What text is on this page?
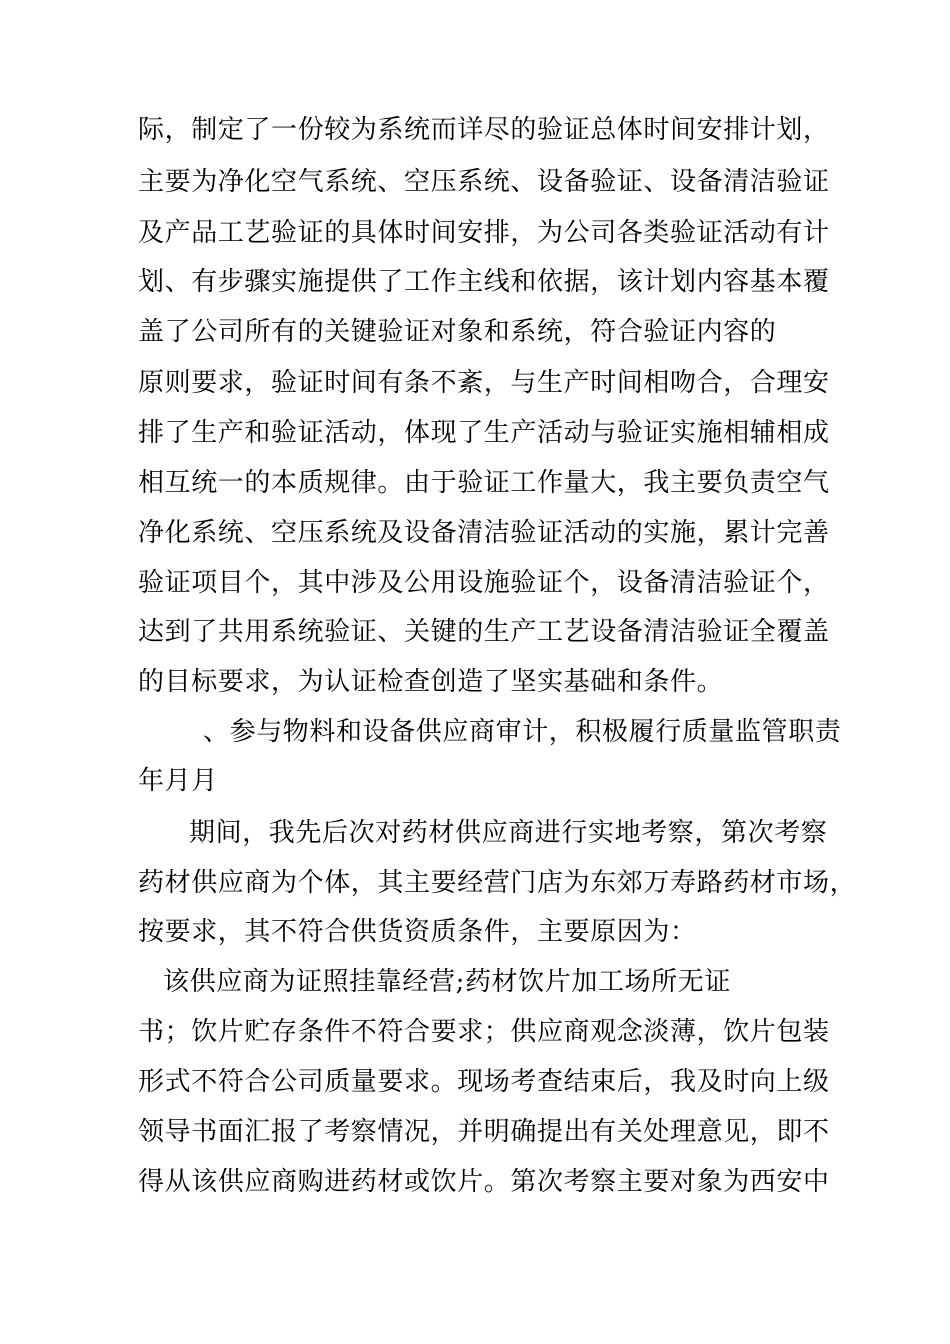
际，制定了一份较为系统而详尽的验证总体时间安排计划，
主要为净化空气系统、空压系统、设备验证、设备清洁验证
及产品工艺验证的具体时间安排，为公司各类验证活动有计
划、有步骤实施提供了工作主线和依据，该计划内容基本覆
盖了公司所有的关键验证对象和系统，符合验证内容的
原则要求，验证时间有条不紊，与生产时间相吻合，合理安
排了生产和验证活动，体现了生产活动与验证实施相辅相成
相互统一的本质规律。由于验证工作量大，我主要负责空气
净化系统、空压系统及设备清洁验证活动的实施，累计完善
验证项目个，其中涉及公用设施验证个，设备清洁验证个，
达到了共用系统验证、关键的生产工艺设备清洁验证全覆盖
的目标要求，为认证检查创造了坚实基础和条件。
、参与物料和设备供应商审计，积极履行质量监管职责
年月月
期间，我先后次对药材供应商进行实地考察，第次考察
药材供应商为个体，其主要经营门店为东郊万寿路药材市场，
按要求，其不符合供货资质条件，主要原因为：
该供应商为证照挂靠经营;药材饮片加工场所无证
书；饮片贮存条件不符合要求；供应商观念淡薄，饮片包装
形式不符合公司质量要求。现场考查结束后，我及时向上级
领导书面汇报了考察情况，并明确提出有关处理意见，即不
得从该供应商购进药材或饮片。第次考察主要对象为西安中
